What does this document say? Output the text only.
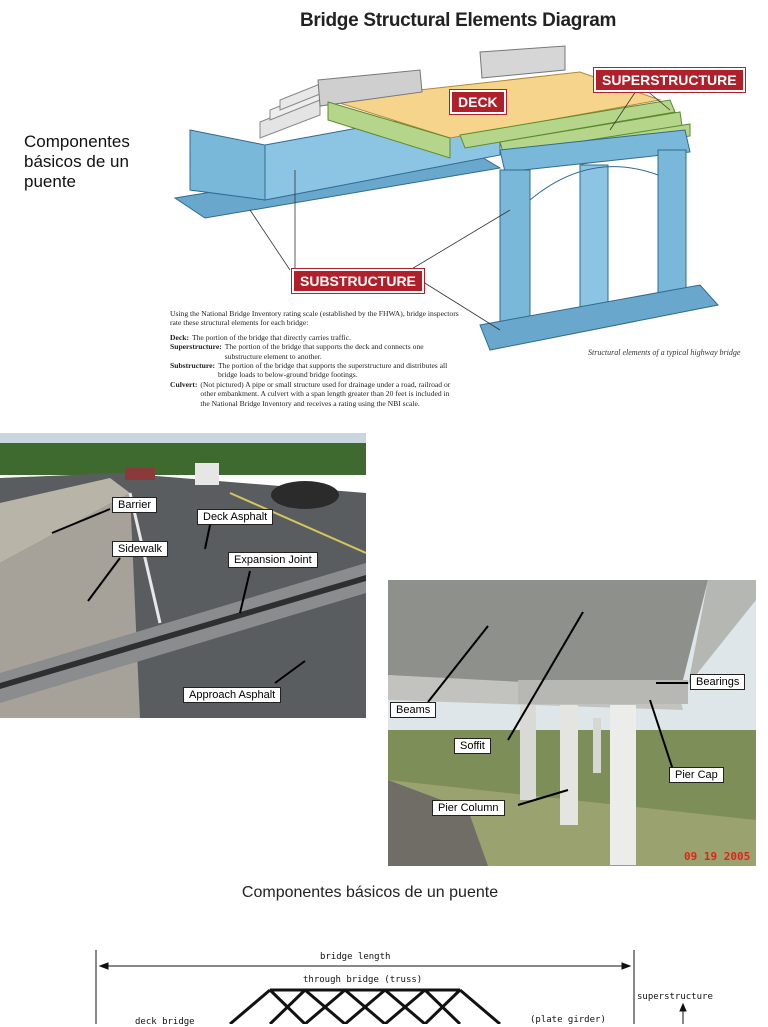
Componentes básicos de un puente
Bridge Structural Elements Diagram
DECK
SUPERSTRUCTURE
SUBSTRUCTURE

Using the National Bridge Inventory rating scale (established by the FHWA), bridge inspectors rate these structural elements for each bridge:

Deck: The portion of the bridge that directly carries traffic.
Superstructure: The portion of the bridge that supports the deck and connects one substructure element to another.
Substructure: The portion of the bridge that supports the superstructure and distributes all bridge loads to below-ground bridge footings.
Culvert: (Not pictured) A pipe or small structure used for drainage under a road, railroad or other embankment. A culvert with a span length greater than 20 feet is included in the National Bridge Inventory and receives a rating using the NBI scale.
Structural elements of a typical highway bridge
Barrier
Deck Asphalt
Sidewalk
Expansion Joint
Approach Asphalt
Bearings
Beams
Soffit
Pier Cap
Pier Column
09 19 2005
Componentes básicos de un puente
bridge length
through bridge (truss)
superstructure
deck bridge	(plate girder)
